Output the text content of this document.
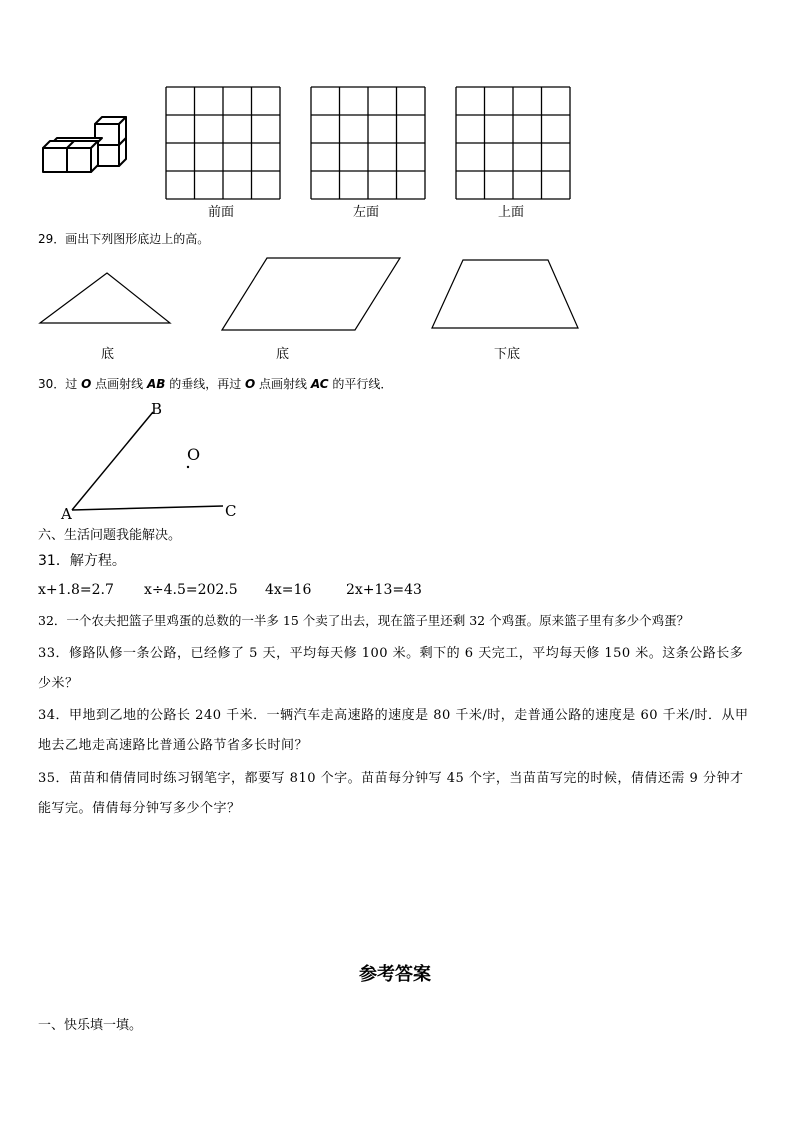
前面	左面	上面
29．画出下列图形底边上的高。
底	底	下底
30．过 O 点画射线 AB 的垂线，再过 O 点画射线 AC 的平行线．
B
O
A	C
六、生活问题我能解决。
31．解方程。
x+1.8=2.7 x÷4.5=202.5 4x=16 2x+13=43
32．一个农夫把篮子里鸡蛋的总数的一半多 15 个卖了出去，现在篮子里还剩 32 个鸡蛋。原来篮子里有多少个鸡蛋？
33．修路队修一条公路，已经修了 5 天，平均每天修 100 米。剩下的 6 天完工，平均每天修 150 米。这条公路长多少米？
34．甲地到乙地的公路长 240 千米．一辆汽车走高速路的速度是 80 千米/时，走普通公路的速度是 60 千米/时．从甲地去乙地走高速路比普通公路节省多长时间？
35．苗苗和倩倩同时练习钢笔字，都要写 810 个字。苗苗每分钟写 45 个字，当苗苗写完的时候，倩倩还需 9 分钟才能写完。倩倩每分钟写多少个字？
参考答案
一、快乐填一填。
